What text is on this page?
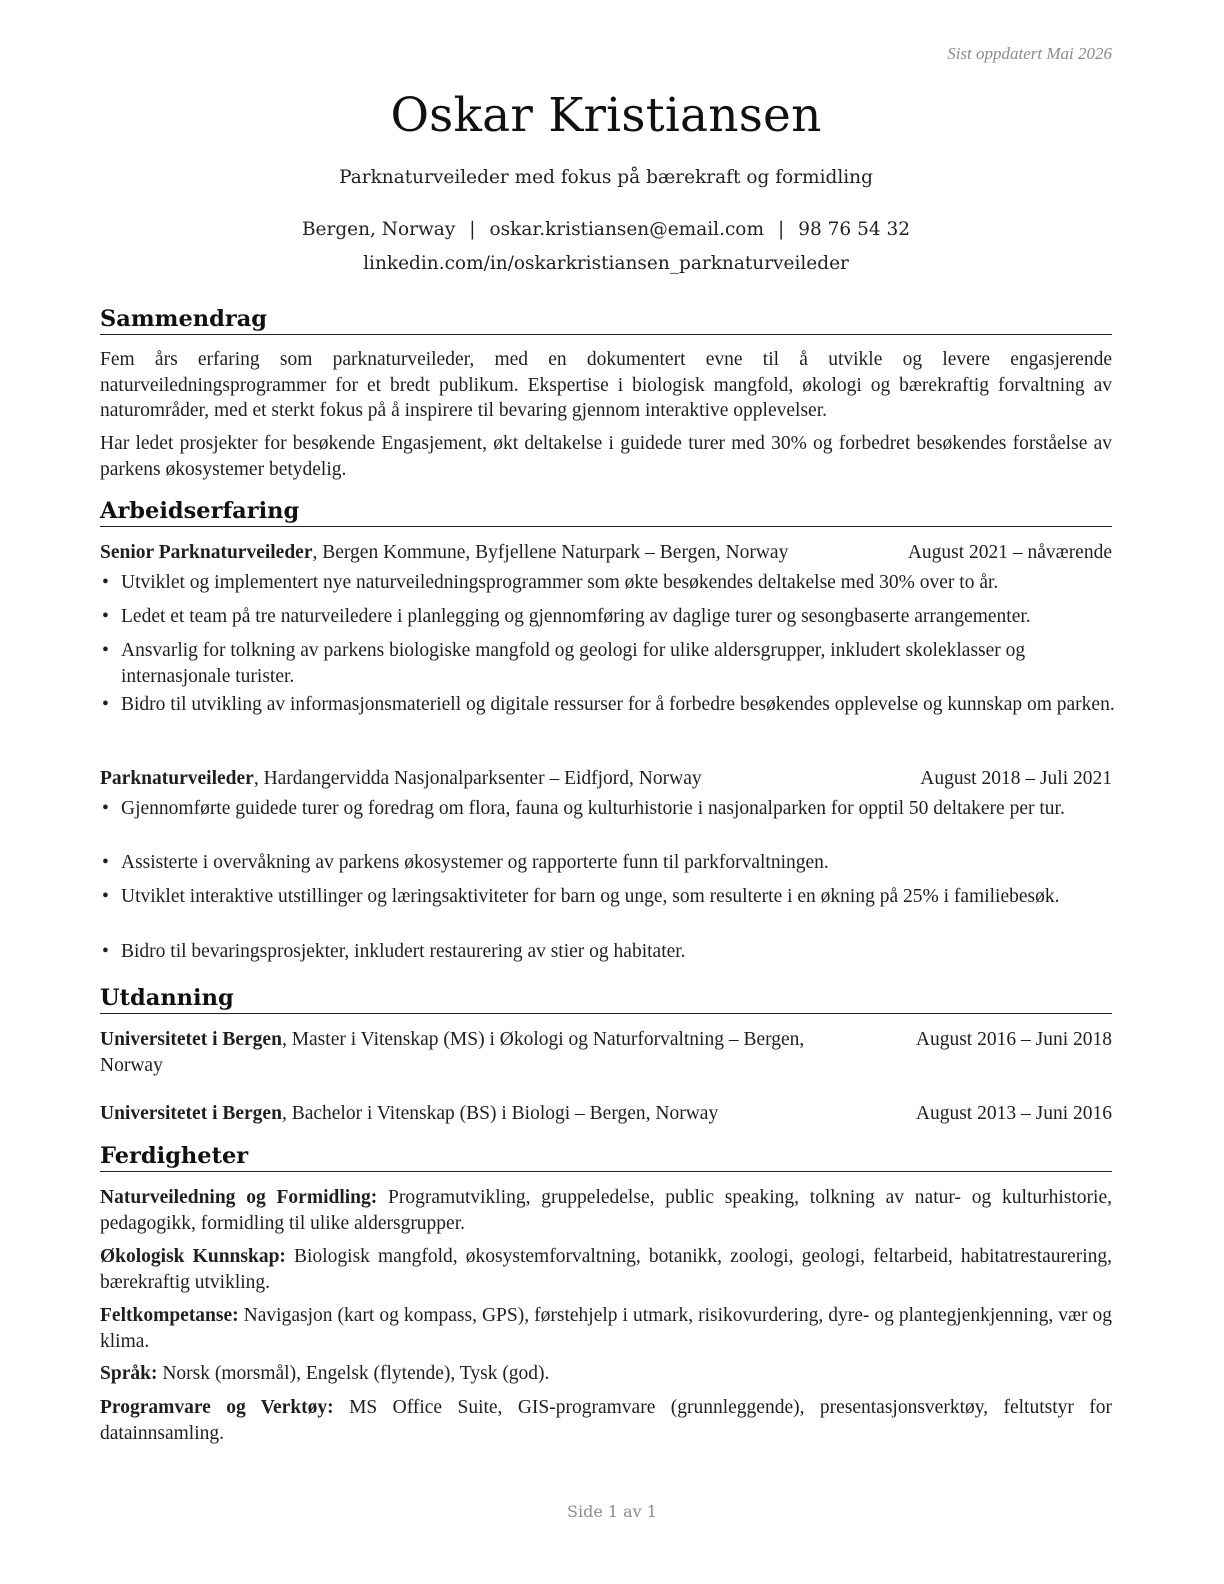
Sist oppdatert Mai 2026
Oskar Kristiansen
Parknaturveileder med fokus på bærekraft og formidling
Bergen, Norway | oskar.kristiansen@email.com | 98 76 54 32
linkedin.com/in/oskarkristiansen_parknaturveileder
Sammendrag
Fem års erfaring som parknaturveileder, med en dokumentert evne til å utvikle og levere engasjerende naturveiledningsprogrammer for et bredt publikum. Ekspertise i biologisk mangfold, økologi og bærekraftig forvaltning av naturområder, med et sterkt fokus på å inspirere til bevaring gjennom interaktive opplevelser.
Har ledet prosjekter for besøkende Engasjement, økt deltakelse i guidede turer med 30% og forbedret besøkendes forståelse av parkens økosystemer betydelig.
Arbeidserfaring
Senior Parknaturveileder, Bergen Kommune, Byfjellene Naturpark – Bergen, Norway	August 2021 – nåværende
• Utviklet og implementert nye naturveiledningsprogrammer som økte besøkendes deltakelse med 30% over to år.
• Ledet et team på tre naturveiledere i planlegging og gjennomføring av daglige turer og sesongbaserte arrangementer.
• Ansvarlig for tolkning av parkens biologiske mangfold og geologi for ulike aldersgrupper, inkludert skoleklasser og internasjonale turister.
• Bidro til utvikling av informasjonsmateriell og digitale ressurser for å forbedre besøkendes opplevelse og kunnskap om parken.
Parknaturveileder, Hardangervidda Nasjonalparksenter – Eidfjord, Norway	August 2018 – Juli 2021
• Gjennomførte guidede turer og foredrag om flora, fauna og kulturhistorie i nasjonalparken for opptil 50 deltakere per tur.
• Assisterte i overvåkning av parkens økosystemer og rapporterte funn til parkforvaltningen.
• Utviklet interaktive utstillinger og læringsaktiviteter for barn og unge, som resulterte i en økning på 25% i familiebesøk.
• Bidro til bevaringsprosjekter, inkludert restaurering av stier og habitater.
Utdanning
Universitetet i Bergen, Master i Vitenskap (MS) i Økologi og Naturforvaltning – Bergen,
Norway
August 2016 – Juni 2018
Universitetet i Bergen, Bachelor i Vitenskap (BS) i Biologi – Bergen, Norway	August 2013 – Juni 2016
Ferdigheter
Naturveiledning og Formidling: Programutvikling, gruppeledelse, public speaking, tolkning av natur- og kulturhistorie, pedagogikk, formidling til ulike aldersgrupper.
Økologisk Kunnskap: Biologisk mangfold, økosystemforvaltning, botanikk, zoologi, geologi, feltarbeid, habitatrestaurering, bærekraftig utvikling.
Feltkompetanse: Navigasjon (kart og kompass, GPS), førstehjelp i utmark, risikovurdering, dyre- og plantegjenkjenning, vær og klima.
Språk: Norsk (morsmål), Engelsk (flytende), Tysk (god).
Programvare og Verktøy: MS Office Suite, GIS-programvare (grunnleggende), presentasjonsverktøy, feltutstyr for datainnsamling.
Side 1 av 1
